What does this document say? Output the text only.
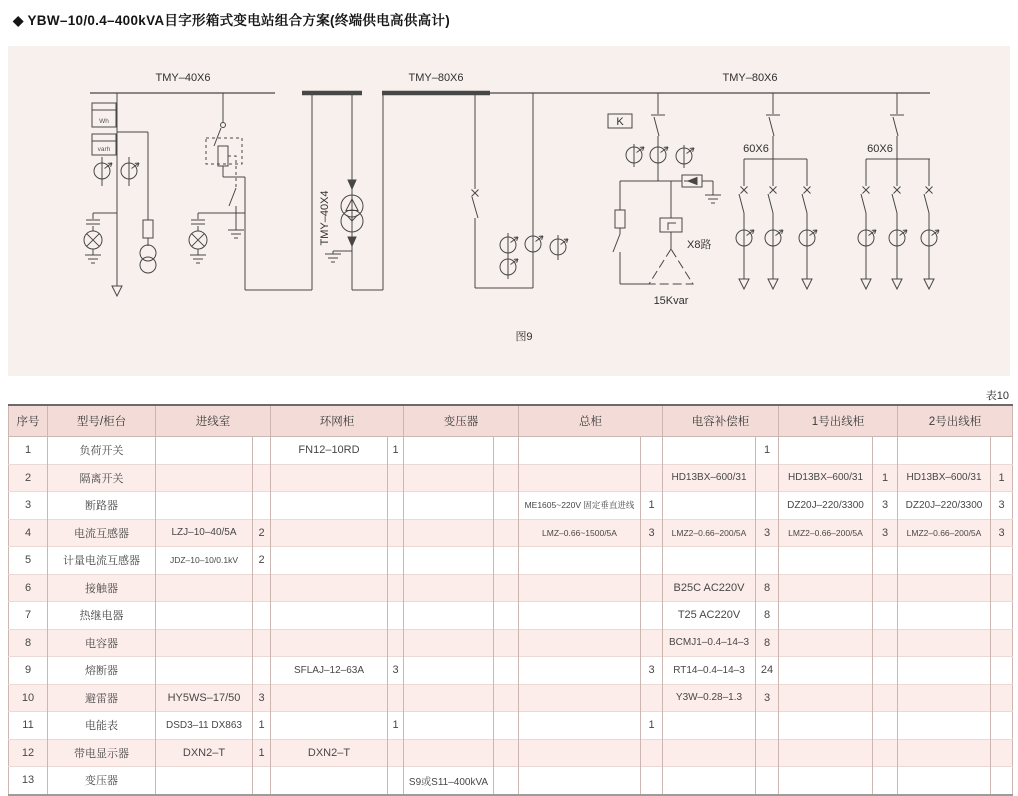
◆ YBW–10/0.4–400kVA目字形箱式变电站组合方案(终端供电高供高计)
Wh
varh
TMY–40X6	TMY–80X6	TMY–80X6
TMY–40X4
K
60X6	60X6
X8路
15Kvar
图9
表10
序号	型号/柜台	进线室		环网柜		变压器		总柜		电容补偿柜		1号出线柜		2号出线柜	
1	负荷开关			FN12–10RD	1						1				
2	隔离开关									HD13BX–600/31		HD13BX–600/31	1	HD13BX–600/31	1
3	断路器							ME1605~220V 固定垂直进线	1			DZ20J–220/3300	3	DZ20J–220/3300	3
4	电流互感器	LZJ–10–40/5A	2					LMZ–0.66~1500/5A	3	LMZ2–0.66–200/5A	3	LMZ2–0.66–200/5A	3	LMZ2–0.66–200/5A	3
5	计量电流互感器	JDZ–10–10/0.1kV	2												
6	接触器									B25C AC220V	8				
7	热继电器									T25 AC220V	8				
8	电容器									BCMJ1–0.4–14–3	8				
9	熔断器			SFLAJ–12–63A	3				3	RT14–0.4–14–3	24				
10	避雷器	HY5WS–17/50	3							Y3W–0.28–1.3	3				
11	电能表	DSD3–11 DX863	1		1				1						
12	带电显示器	DXN2–T	1	DXN2–T											
13	变压器					S9或S11–400kVA									
